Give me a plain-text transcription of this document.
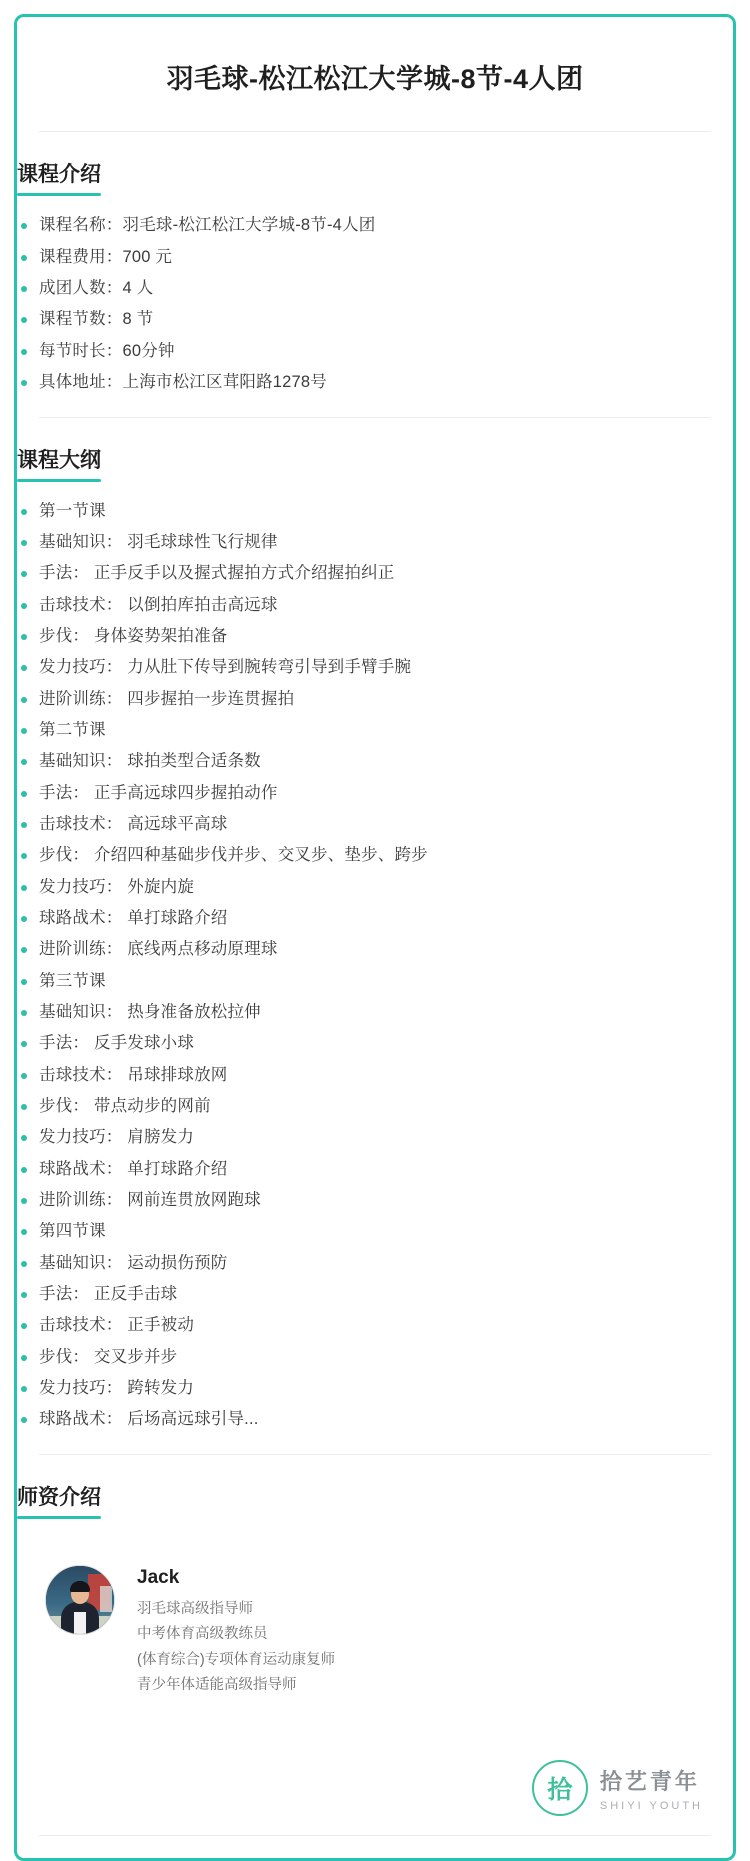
羽毛球-松江松江大学城-8节-4人团
课程介绍
课程名称：羽毛球-松江松江大学城-8节-4人团
课程费用：700 元
成团人数：4 人
课程节数：8 节
每节时长：60分钟
具体地址：上海市松江区茸阳路1278号
课程大纲
第一节课
基础知识： 羽毛球球性飞行规律
手法： 正手反手以及握式握拍方式介绍握拍纠正
击球技术： 以倒拍库拍击高远球
步伐： 身体姿势架拍准备
发力技巧： 力从肚下传导到腕转弯引导到手臂手腕
进阶训练： 四步握拍一步连贯握拍
第二节课
基础知识： 球拍类型合适条数
手法： 正手高远球四步握拍动作
击球技术： 高远球平高球
步伐： 介绍四种基础步伐并步、交叉步、垫步、跨步
发力技巧： 外旋内旋
球路战术： 单打球路介绍
进阶训练： 底线两点移动原理球
第三节课
基础知识： 热身准备放松拉伸
手法： 反手发球小球
击球技术： 吊球排球放网
步伐： 带点动步的网前
发力技巧： 肩膀发力
球路战术： 单打球路介绍
进阶训练： 网前连贯放网跑球
第四节课
基础知识： 运动损伤预防
手法： 正反手击球
击球技术： 正手被动
步伐： 交叉步并步
发力技巧： 跨转发力
球路战术： 后场高远球引导...
师资介绍
Jack
羽毛球高级指导师
中考体育高级教练员
(体育综合)专项体育运动康复师
青少年体适能高级指导师
拾	拾艺青年
SHIYI YOUTH
